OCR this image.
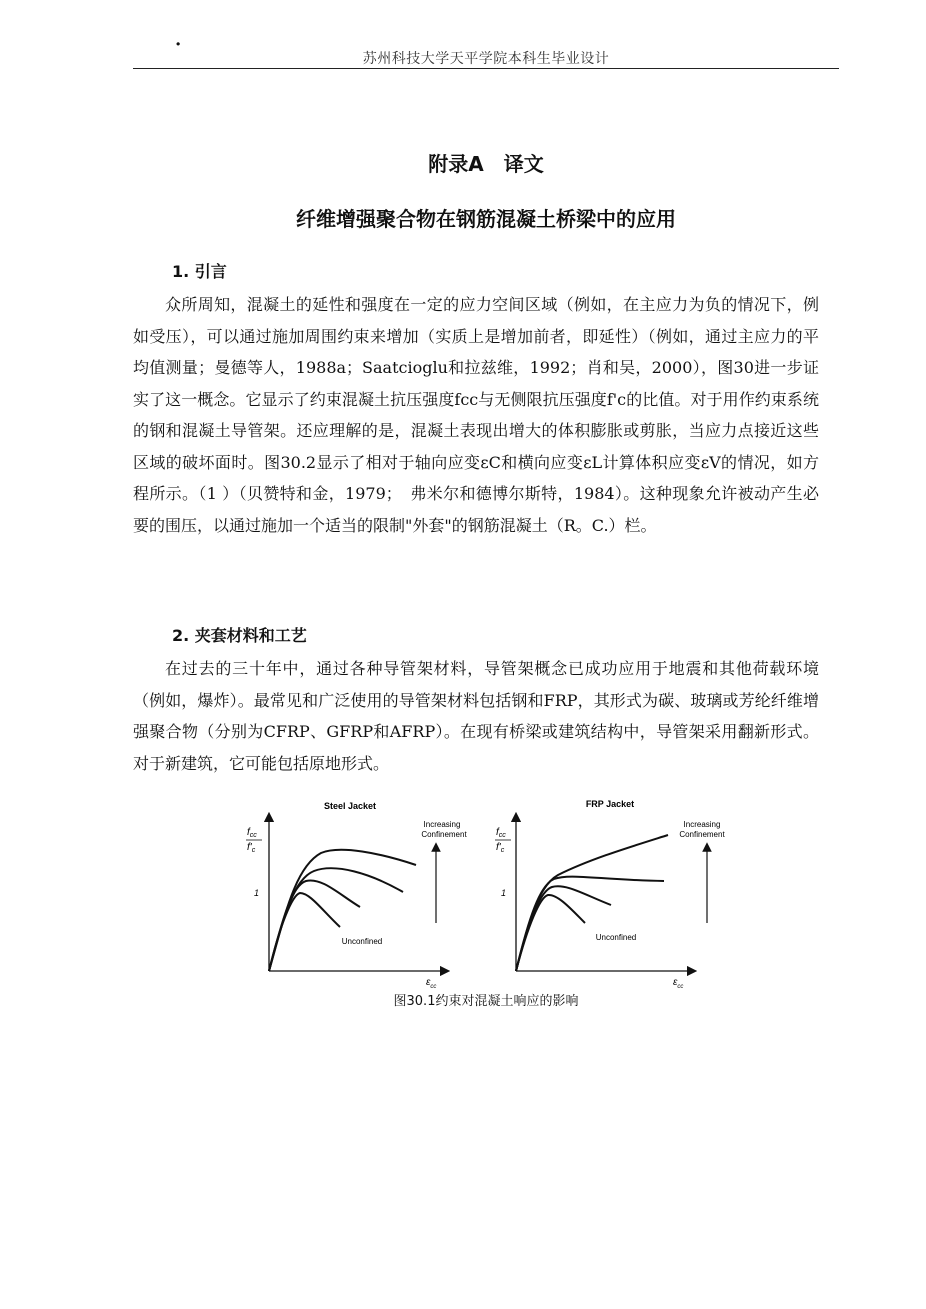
·
苏州科技大学天平学院本科生毕业设计
附录A　译文
纤维增强聚合物在钢筋混凝土桥梁中的应用
1. 引言

众所周知，混凝土的延性和强度在一定的应力空间区域（例如，在主应力为负的情况下，例如受压），可以通过施加周围约束来增加（实质上是增加前者，即延性）（例如，通过主应力的平均值测量；曼德等人，1988a；Saatcioglu和拉兹维，1992；肖和吴，2000），图30进一步证实了这一概念。它显示了约束混凝土抗压强度fcc与无侧限抗压强度f'c的比值。对于用作约束系统的钢和混凝土导管架。还应理解的是，混凝土表现出增大的体积膨胀或剪胀，当应力点接近这些区域的破坏面时。图30.2显示了相对于轴向应变εC和横向应变εL计算体积应变εV的情况，如方程所示。（1 ）（贝赞特和金，1979；　弗米尔和德博尔斯特，1984）。这种现象允许被动产生必要的围压，以通过施加一个适当的限制"外套"的钢筋混凝土（R。C.）栏。

2. 夹套材料和工艺

在过去的三十年中，通过各种导管架材料，导管架概念已成功应用于地震和其他荷载环境（例如，爆炸）。最常见和广泛使用的导管架材料包括钢和FRP，其形式为碳、玻璃或芳纶纤维增强聚合物（分别为CFRP、GFRP和AFRP）。在现有桥梁或建筑结构中，导管架采用翻新形式。对于新建筑，它可能包括原地形式。

Steel Jacket
$f_{cc}$
$f'_c$
1
$\varepsilon_{cc}$
Increasing
Confinement
Unconfined
FRP Jacket
$f_{cc}$
$f'_c$
1
$\varepsilon_{cc}$
Increasing
Confinement
Unconfined
图30.1约束对混凝土响应的影响
